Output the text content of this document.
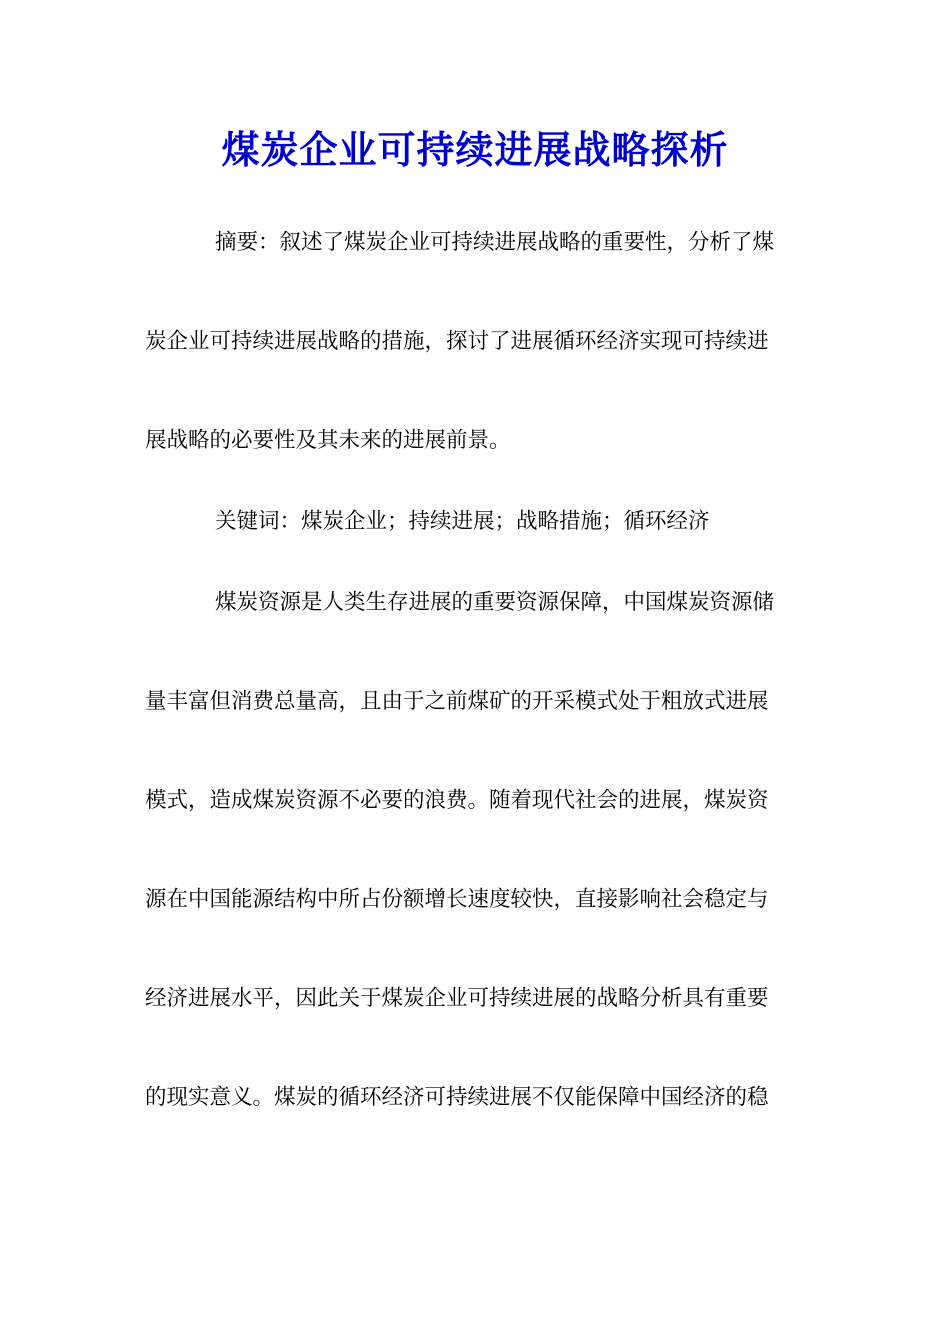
煤炭企业可持续进展战略探析
摘要：叙述了煤炭企业可持续进展战略的重要性，分析了煤
炭企业可持续进展战略的措施，探讨了进展循环经济实现可持续进
展战略的必要性及其未来的进展前景。
关键词：煤炭企业；持续进展；战略措施；循环经济
煤炭资源是人类生存进展的重要资源保障，中国煤炭资源储
量丰富但消费总量高，且由于之前煤矿的开采模式处于粗放式进展
模式，造成煤炭资源不必要的浪费。随着现代社会的进展，煤炭资
源在中国能源结构中所占份额增长速度较快，直接影响社会稳定与
经济进展水平，因此关于煤炭企业可持续进展的战略分析具有重要
的现实意义。煤炭的循环经济可持续进展不仅能保障中国经济的稳
